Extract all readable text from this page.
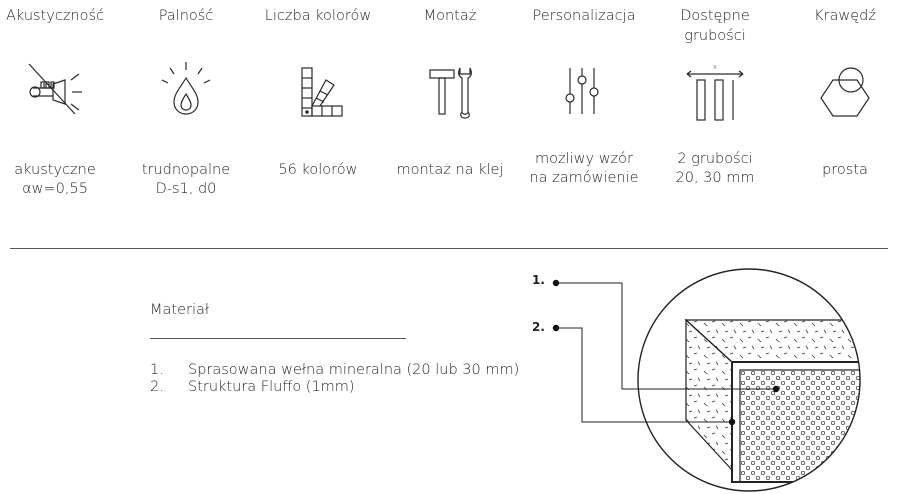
Akustyczność
akustyczne
αw=0,55
Palność
trudnopalne
D-s1, d0
Liczba kolorów
56 kolorów
Montaż
montaż na klej
Personalizacja
możliwy wzór
na zamówienie
Dostępne
grubości
x
2 grubości
20, 30 mm
Krawędź
prosta
Materiał
1.	Sprasowana wełna mineralna (20 lub 30 mm)
2.	Struktura Fluffo (1mm)
1.
2.
